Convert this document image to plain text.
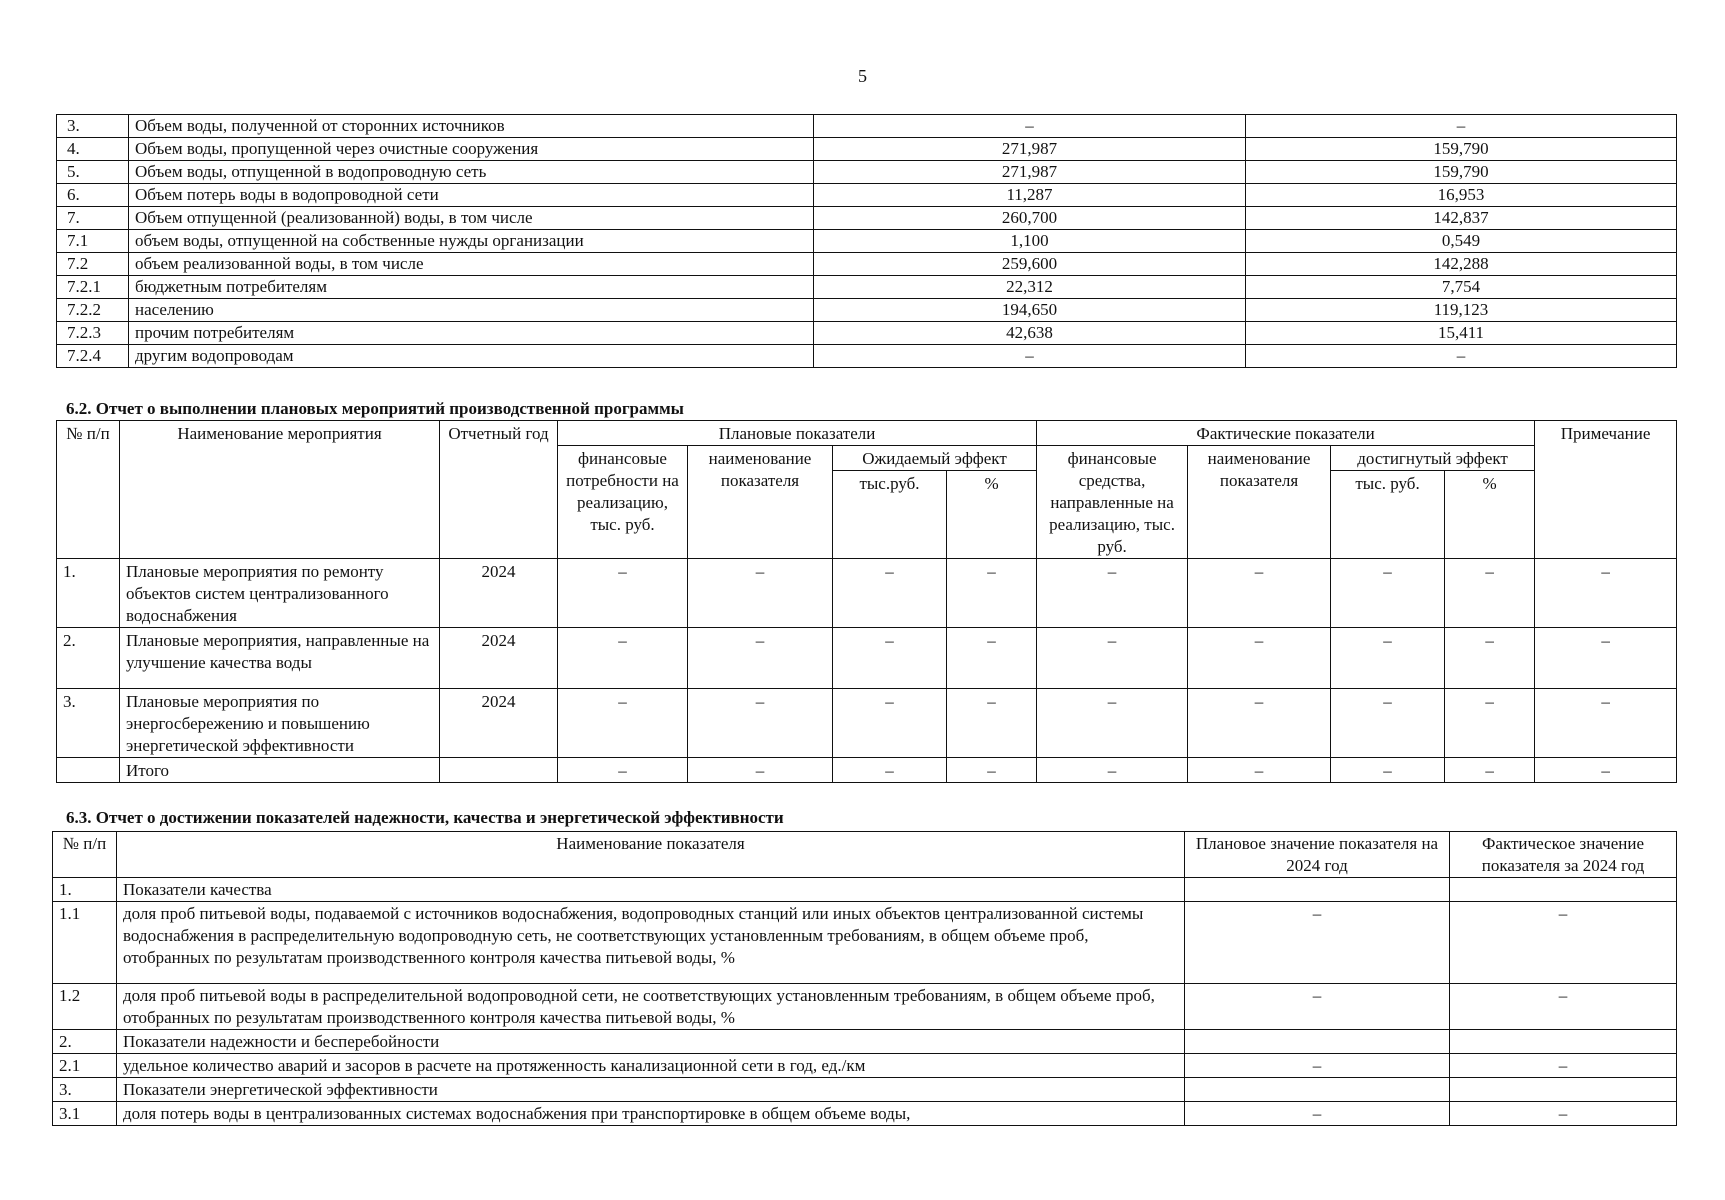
5
3.	Объем воды, полученной от сторонних источников	–	–
4.	Объем воды, пропущенной через очистные сооружения	271,987	159,790
5.	Объем воды, отпущенной в водопроводную сеть	271,987	159,790
6.	Объем потерь воды в водопроводной сети	11,287	16,953
7.	Объем отпущенной (реализованной) воды, в том числе	260,700	142,837
7.1	объем воды, отпущенной на собственные нужды организации	1,100	0,549
7.2	объем реализованной воды, в том числе	259,600	142,288
7.2.1	бюджетным потребителям	22,312	7,754
7.2.2	населению	194,650	119,123
7.2.3	прочим потребителям	42,638	15,411
7.2.4	другим водопроводам	–	–
6.2. Отчет о выполнении плановых мероприятий производственной программы
№ п/п	Наименование мероприятия	Отчетный год	Плановые показатели				Фактические показатели				Примечание
			финансовые потребности на реализацию, тыс. руб.	наименование показателя	Ожидаемый эффект		финансовые средства, направленные на реализацию, тыс. руб.	наименование показателя	достигнутый эффект		
					тыс.руб.	%			тыс. руб.	%	
1.	Плановые мероприятия по ремонту объектов систем централизованного водоснабжения	2024	–	–	–	–	–	–	–	–	–
2.	Плановые мероприятия, направленные на улучшение качества воды	2024	–	–	–	–	–	–	–	–	–
3.	Плановые мероприятия по энергосбережению и повышению энергетической эффективности	2024	–	–	–	–	–	–	–	–	–
	Итого		–	–	–	–	–	–	–	–	–
6.3. Отчет о достижении показателей надежности, качества и энергетической эффективности
№ п/п	Наименование показателя	Плановое значение показателя на 2024 год	Фактическое значение показателя за 2024 год
1.	Показатели качества		
1.1	доля проб питьевой воды, подаваемой с источников водоснабжения, водопроводных станций или иных объектов централизованной системы водоснабжения в распределительную водопроводную сеть, не соответствующих установленным требованиям, в общем объеме проб, отобранных по результатам производственного контроля качества питьевой воды, %	–	–
1.2	доля проб питьевой воды в распределительной водопроводной сети, не соответствующих установленным требованиям, в общем объеме проб, отобранных по результатам производственного контроля качества питьевой воды, %	–	–
2.	Показатели надежности и бесперебойности		
2.1	удельное количество аварий и засоров в расчете на протяженность канализационной сети в год, ед./км	–	–
3.	Показатели энергетической эффективности		
3.1	доля потерь воды в централизованных системах водоснабжения при транспортировке в общем объеме воды,	–	–
